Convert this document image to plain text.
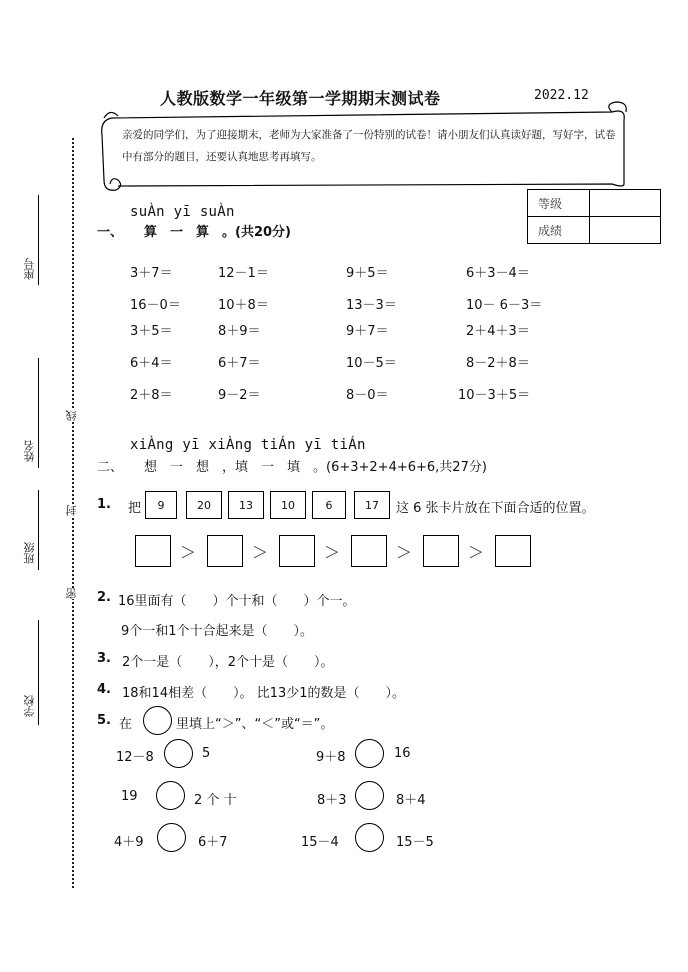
人教版数学一年级第一学期期末测试卷	2022.12
亲爱的同学们，为了迎接期末，老师为大家准备了一份特别的试卷！请小朋友们认真读好题，写好字，试卷中有部分的题目，还要认真地思考再填写。
等级	
成绩	
座号
姓名
班级
学校
线
封
密
suÀn yī suÀn
一、 算　一　算　。(共20分)
3＋7＝	12－1＝	9＋5＝	6＋3－4＝
16－0＝	10＋8＝	13－3＝	10－ 6－3＝
3＋5＝	8＋9＝	9＋7＝	2＋4＋3＝
6＋4＝	6＋7＝	10－5＝	8－2＋8＝
2＋8＝	9－2＝	8－0＝	10－3＋5＝
xiÀng yī xiÀng tiÁn yī tiÁn
二、 想　一　想　，填　一　填　。(6+3+2+4+6+6,共27分)
1. 把	9	20	13	10	6	17	这 6 张卡片放在下面合适的位置。
＞	＞	＞	＞	＞
2. 16里面有（　　）个十和（　　）个一。
9个一和1个十合起来是（　　）。
3. 2个一是（　　），2个十是（　　）。
4. 18和14相差（　　）。 比13少1的数是（　　）。
5. 在	里填上“＞”、“＜”或“＝”。
12－8	5	9＋8	16
19	2 个 十	8＋3	8＋4
4＋9	6＋7	15－4	15－5
